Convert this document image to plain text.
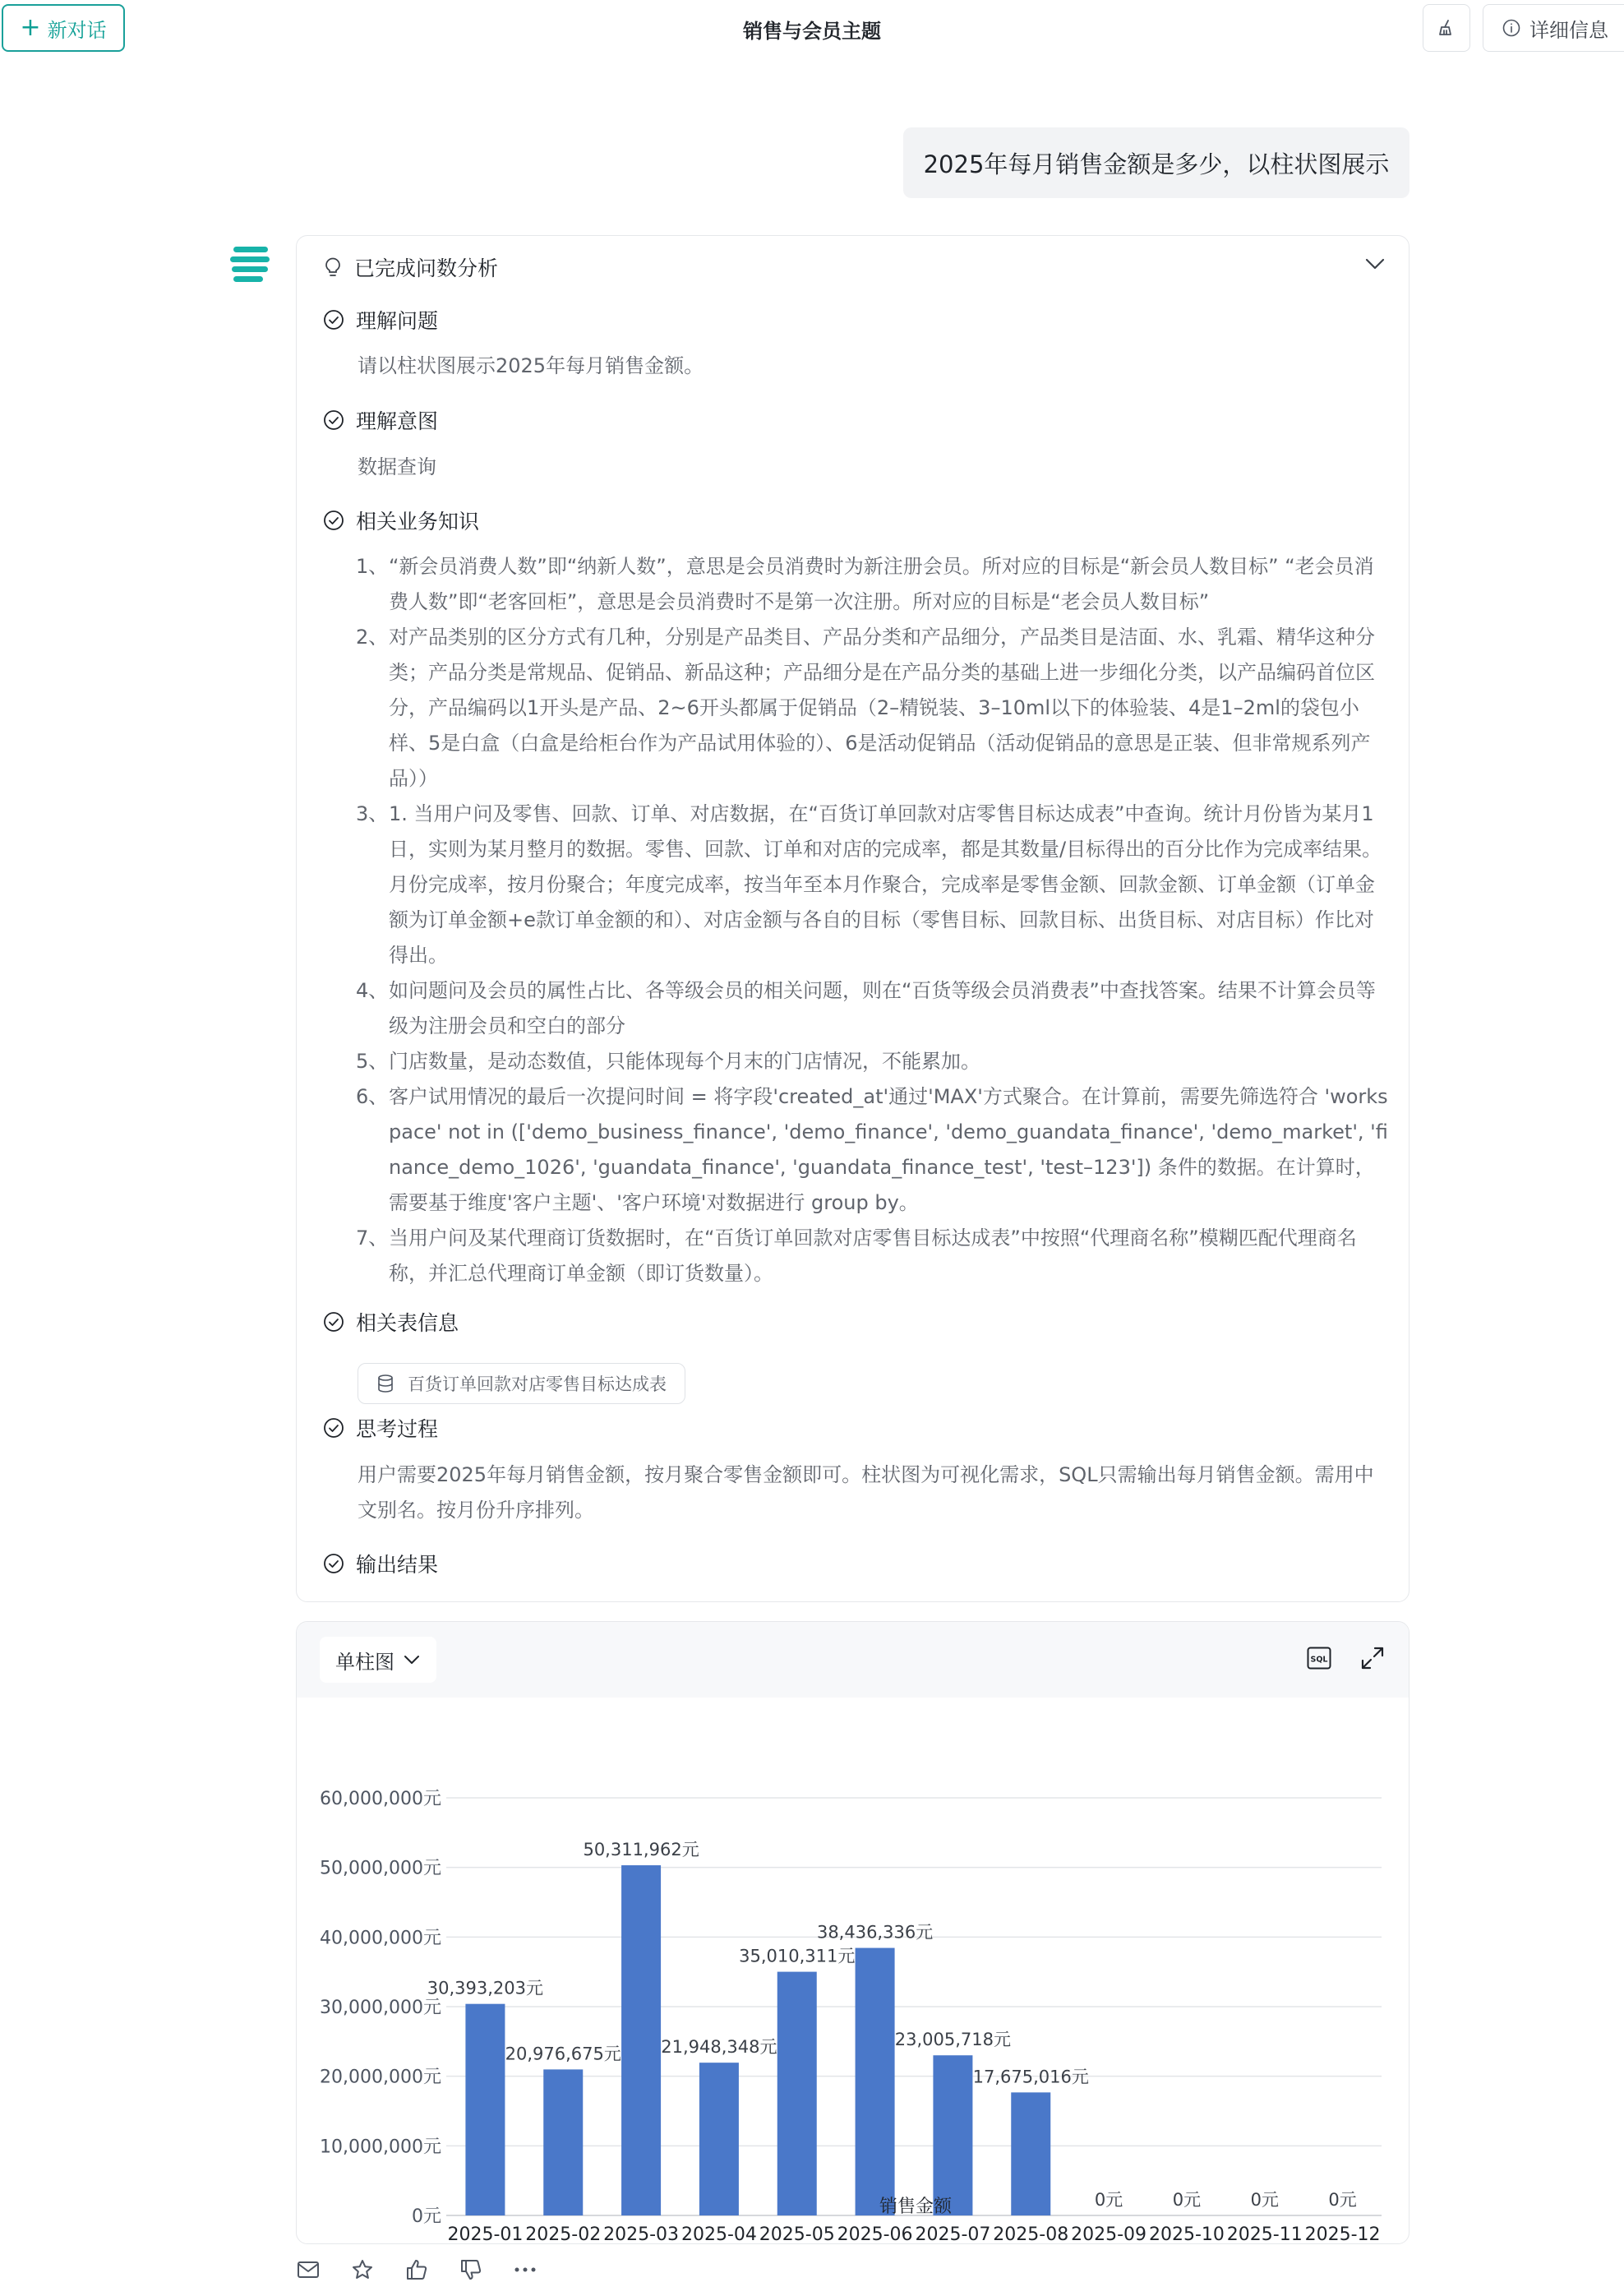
+ 新对话	销售与会员主题	详细信息
2025年每月销售金额是多少，以柱状图展示
已完成问数分析
理解问题
请以柱状图展示2025年每月销售金额。
理解意图
数据查询
相关业务知识
1、 “新会员消费人数”即“纳新人数”，意思是会员消费时为新注册会员。所对应的目标是“新会员人数目标” “老会员消费人数”即“老客回柜”，意思是会员消费时不是第一次注册。所对应的目标是“老会员人数目标”
2、 对产品类别的区分方式有几种，分别是产品类目、产品分类和产品细分，产品类目是洁面、水、乳霜、精华这种分类；产品分类是常规品、促销品、新品这种；产品细分是在产品分类的基础上进一步细化分类，以产品编码首位区分，产品编码以1开头是产品、2~6开头都属于促销品（2–精锐装、3–10ml以下的体验装、4是1–2ml的袋包小样、5是白盒（白盒是给柜台作为产品试用体验的）、6是活动促销品（活动促销品的意思是正装、但非常规系列产品））
3、 1. 当用户问及零售、回款、订单、对店数据，在“百货订单回款对店零售目标达成表”中查询。统计月份皆为某月1日，实则为某月整月的数据。零售、回款、订单和对店的完成率，都是其数量/目标得出的百分比作为完成率结果。月份完成率，按月份聚合；年度完成率，按当年至本月作聚合，完成率是零售金额、回款金额、订单金额（订单金额为订单金额+e款订单金额的和）、对店金额与各自的目标（零售目标、回款目标、出货目标、对店目标）作比对得出。
4、 如问题问及会员的属性占比、各等级会员的相关问题，则在“百货等级会员消费表”中查找答案。结果不计算会员等级为注册会员和空白的部分
5、 门店数量，是动态数值，只能体现每个月末的门店情况，不能累加。
6、 客户试用情况的最后一次提问时间 = 将字段'created_at'通过'MAX'方式聚合。在计算前，需要先筛选符合 'workspace' not in (['demo_business_finance', 'demo_finance', 'demo_guandata_finance', 'demo_market', 'finance_demo_1026', 'guandata_finance', 'guandata_finance_test', 'test–123']) 条件的数据。在计算时，需要基于维度'客户主题'、'客户环境'对数据进行 group by。
7、 当用户问及某代理商订货数据时，在“百货订单回款对店零售目标达成表”中按照“代理商名称”模糊匹配代理商名称，并汇总代理商订单金额（即订货数量）。
相关表信息
百货订单回款对店零售目标达成表
思考过程
用户需要2025年每月销售金额，按月聚合零售金额即可。柱状图为可视化需求，SQL只需输出每月销售金额。需用中文别名。按月份升序排列。
输出结果
单柱图	SQL
0元
10,000,000元
20,000,000元
30,000,000元
40,000,000元
50,000,000元
60,000,000元
30,393,203元
2025-01
20,976,675元
2025-02
50,311,962元
2025-03
21,948,348元
2025-04
35,010,311元
2025-05
38,436,336元
2025-06
23,005,718元
2025-07
17,675,016元
2025-08
0元
2025-09
0元
2025-10
0元
2025-11
0元
2025-12
销售金额
